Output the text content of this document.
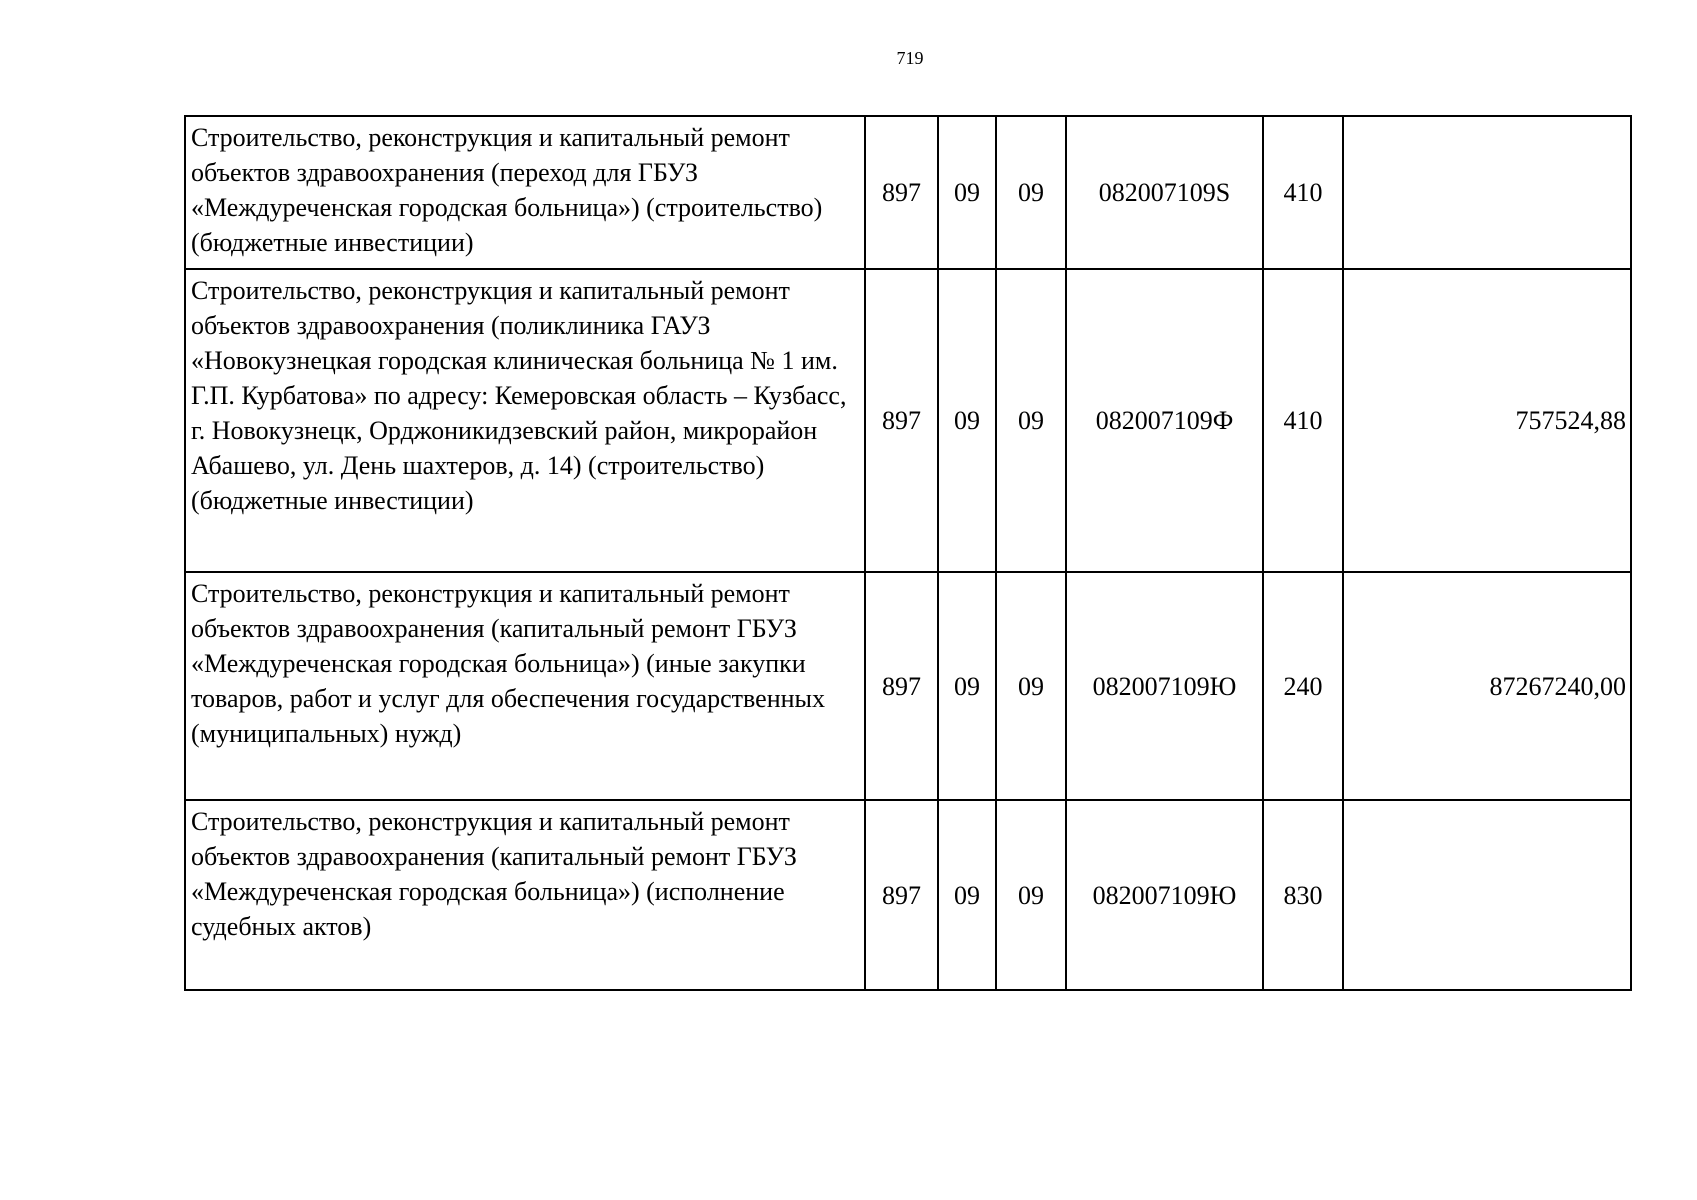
719
Строительство, реконструкция и капитальный ремонт объектов здравоохранения (переход для ГБУЗ «Междуреченская городская больница») (строительство) (бюджетные инвестиции)	897	09	09	082007109S	410	
Строительство, реконструкция и капитальный ремонт объектов здравоохранения (поликлиника ГАУЗ «Новокузнецкая городская клиническая больница № 1 им. Г.П. Курбатова» по адресу: Кемеровская область – Кузбасс, г. Новокузнецк, Орджоникидзевский район, микрорайон Абашево, ул. День шахтеров, д. 14) (строительство) (бюджетные инвестиции)	897	09	09	082007109Ф	410	757524,88
Строительство, реконструкция и капитальный ремонт объектов здравоохранения (капитальный ремонт ГБУЗ «Междуреченская городская больница») (иные закупки товаров, работ и услуг для обеспечения государственных (муниципальных) нужд)	897	09	09	082007109Ю	240	87267240,00
Строительство, реконструкция и капитальный ремонт объектов здравоохранения (капитальный ремонт ГБУЗ «Междуреченская городская больница») (исполнение судебных актов)	897	09	09	082007109Ю	830	
